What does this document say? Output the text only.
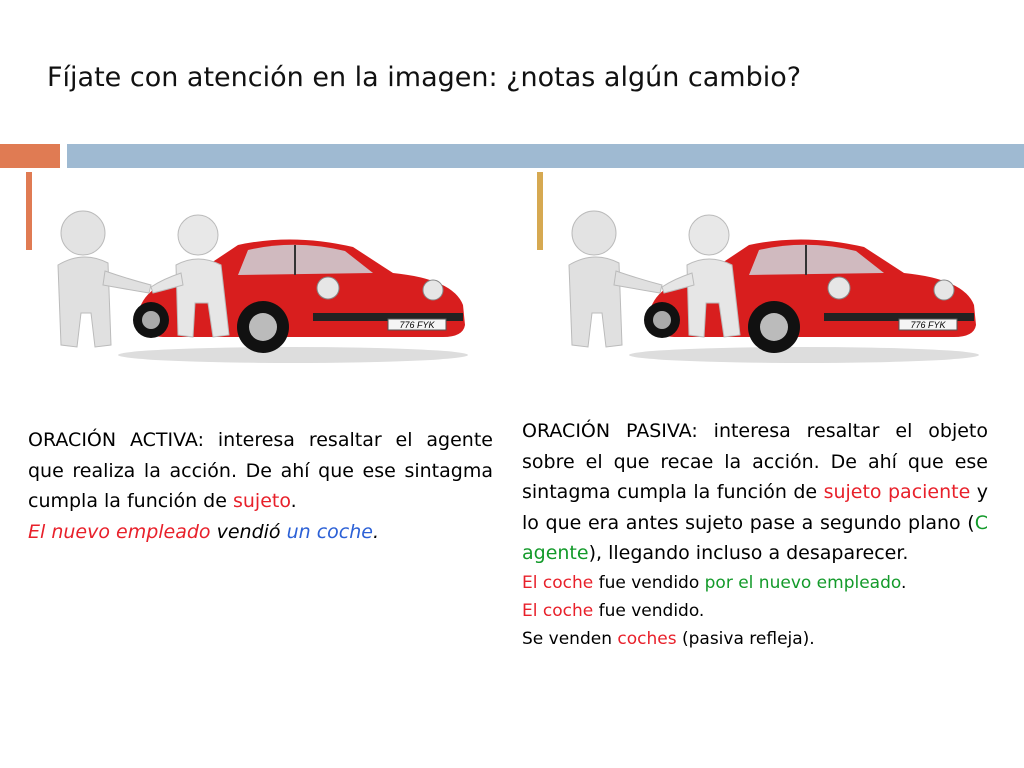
Fíjate con atención en la imagen: ¿notas algún cambio?
776 FYK	776 FYK

ORACIÓN ACTIVA: interesa resaltar el agente que realiza la acción. De ahí que ese sintagma cumpla la función de sujeto.

El nuevo empleado vendió un coche.

ORACIÓN PASIVA: interesa resaltar el objeto sobre el que recae la acción. De ahí que ese sintagma cumpla la función de sujeto paciente y lo que era antes sujeto pase a segundo plano (C agente), llegando incluso a desaparecer.

El coche fue vendido por el nuevo empleado.

El coche fue vendido.

Se venden coches (pasiva refleja).
